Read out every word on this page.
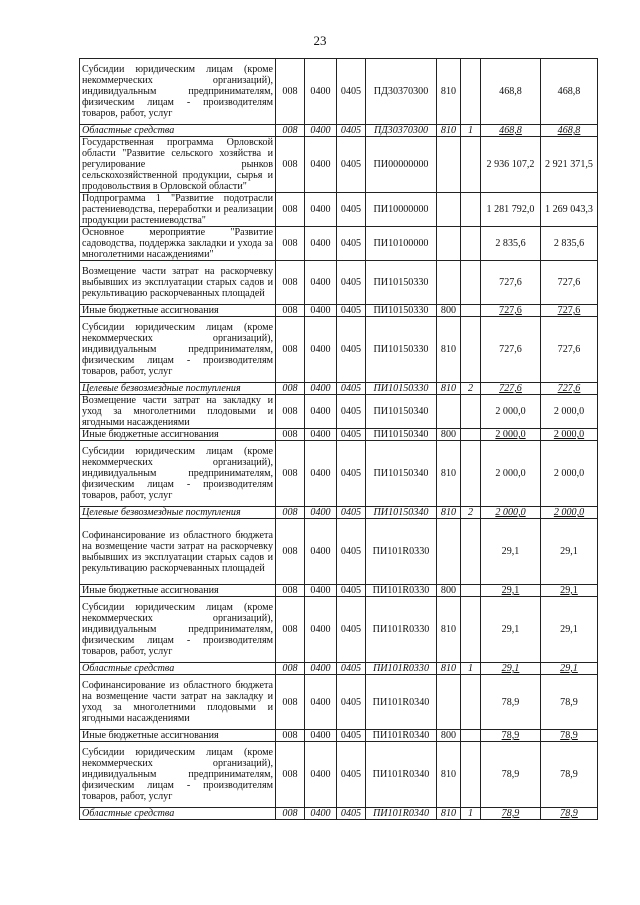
23
Субсидии юридическим лицам (кроме некоммерческих организаций), индивидуальным предпринимателям, физическим лицам - производителям товаров, работ, услуг	008	0400	0405	ПД30370300	810		468,8	468,8
Областные средства	008	0400	0405	ПД30370300	810	1	468,8	468,8
Государственная программа Орловской области "Развитие сельского хозяйства и регулирование рынков сельскохозяйственной продукции, сырья и продовольствия в Орловской области"	008	0400	0405	ПИ00000000			2 936 107,2	2 921 371,5
Подпрограмма 1 "Развитие подотрасли растениеводства, переработки и реализации продукции растениеводства"	008	0400	0405	ПИ10000000			1 281 792,0	1 269 043,3
Основное мероприятие "Развитие садоводства, поддержка закладки и ухода за многолетними насаждениями"	008	0400	0405	ПИ10100000			2 835,6	2 835,6
Возмещение части затрат на раскорчевку выбывших из эксплуатации старых садов и рекультивацию раскорчеванных площадей	008	0400	0405	ПИ10150330			727,6	727,6
Иные бюджетные ассигнования	008	0400	0405	ПИ10150330	800		727,6	727,6
Субсидии юридическим лицам (кроме некоммерческих организаций), индивидуальным предпринимателям, физическим лицам - производителям товаров, работ, услуг	008	0400	0405	ПИ10150330	810		727,6	727,6
Целевые безвозмездные поступления	008	0400	0405	ПИ10150330	810	2	727,6	727,6
Возмещение части затрат на закладку и уход за многолетними плодовыми и ягодными насаждениями	008	0400	0405	ПИ10150340			2 000,0	2 000,0
Иные бюджетные ассигнования	008	0400	0405	ПИ10150340	800		2 000,0	2 000,0
Субсидии юридическим лицам (кроме некоммерческих организаций), индивидуальным предпринимателям, физическим лицам - производителям товаров, работ, услуг	008	0400	0405	ПИ10150340	810		2 000,0	2 000,0
Целевые безвозмездные поступления	008	0400	0405	ПИ10150340	810	2	2 000,0	2 000,0
Софинансирование из областного бюджета на возмещение части затрат на раскорчевку выбывших из эксплуатации старых садов и рекультивацию раскорчеванных площадей	008	0400	0405	ПИ101R0330			29,1	29,1
Иные бюджетные ассигнования	008	0400	0405	ПИ101R0330	800		29,1	29,1
Субсидии юридическим лицам (кроме некоммерческих организаций), индивидуальным предпринимателям, физическим лицам - производителям товаров, работ, услуг	008	0400	0405	ПИ101R0330	810		29,1	29,1
Областные средства	008	0400	0405	ПИ101R0330	810	1	29,1	29,1
Софинансирование из областного бюджета на возмещение части затрат на закладку и уход за многолетними плодовыми и ягодными насаждениями	008	0400	0405	ПИ101R0340			78,9	78,9
Иные бюджетные ассигнования	008	0400	0405	ПИ101R0340	800		78,9	78,9
Субсидии юридическим лицам (кроме некоммерческих организаций), индивидуальным предпринимателям, физическим лицам - производителям товаров, работ, услуг	008	0400	0405	ПИ101R0340	810		78,9	78,9
Областные средства	008	0400	0405	ПИ101R0340	810	1	78,9	78,9
